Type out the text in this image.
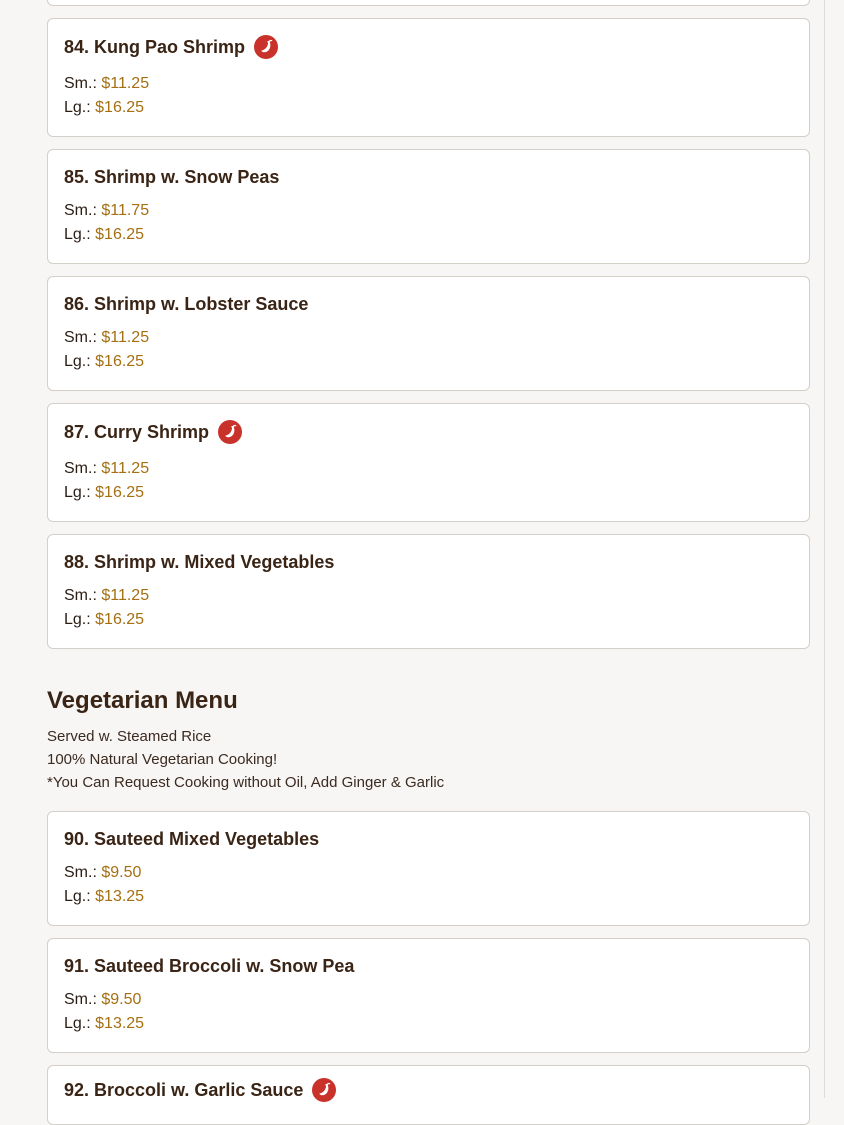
84. Kung Pao Shrimp
Sm.: $11.25
Lg.: $16.25
85. Shrimp w. Snow Peas
Sm.: $11.75
Lg.: $16.25
86. Shrimp w. Lobster Sauce
Sm.: $11.25
Lg.: $16.25
87. Curry Shrimp
Sm.: $11.25
Lg.: $16.25
88. Shrimp w. Mixed Vegetables
Sm.: $11.25
Lg.: $16.25
Vegetarian Menu
Served w. Steamed Rice
100% Natural Vegetarian Cooking!
*You Can Request Cooking without Oil, Add Ginger & Garlic
90. Sauteed Mixed Vegetables
Sm.: $9.50
Lg.: $13.25
91. Sauteed Broccoli w. Snow Pea
Sm.: $9.50
Lg.: $13.25
92. Broccoli w. Garlic Sauce
